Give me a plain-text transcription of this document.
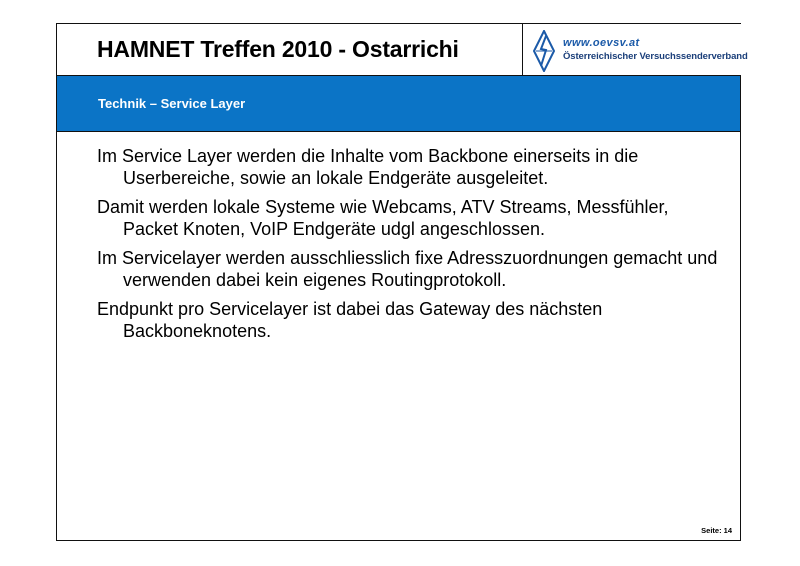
HAMNET Treffen 2010 - Ostarrichi	www.oevsv.at
Österreichischer Versuchssenderverband
Technik – Service Layer

Im Service Layer werden die Inhalte vom Backbone einerseits in die Userbereiche, sowie an lokale Endgeräte ausgeleitet.

Damit werden lokale Systeme wie Webcams, ATV Streams, Messfühler, Packet Knoten, VoIP Endgeräte udgl angeschlossen.

Im Servicelayer werden ausschliesslich fixe Adresszuordnungen gemacht und verwenden dabei kein eigenes Routingprotokoll.

Endpunkt pro Servicelayer ist dabei das Gateway des nächsten Backboneknotens.

Seite: 14
